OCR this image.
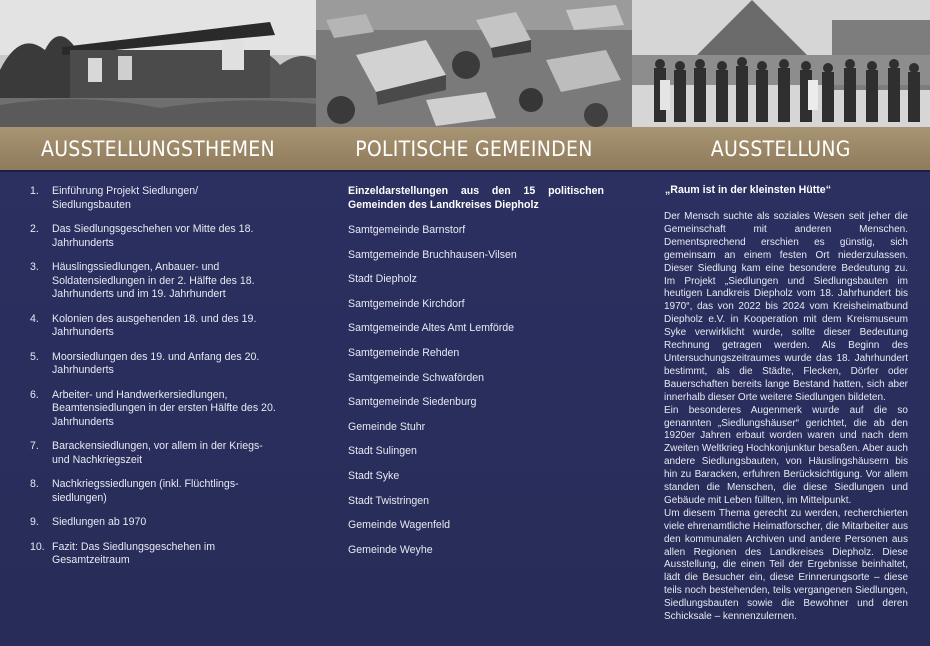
AUSSTELLUNGSTHEMEN
1.	Einführung Projekt Siedlungen/ Siedlungsbauten
2.	Das Siedlungsgeschehen vor Mitte des 18. Jahrhunderts
3.	Häuslingssiedlungen, Anbauer- und Soldatensiedlungen in der 2. Hälfte des 18. Jahrhunderts und im 19. Jahrhundert
4.	Kolonien des ausgehenden 18. und des 19. Jahrhunderts
5.	Moorsiedlungen des 19. und Anfang des 20. Jahrhunderts
6.	Arbeiter- und Handwerkersiedlungen, Beamtensiedlungen in der ersten Hälfte des 20. Jahrhunderts
7.	Barackensiedlungen, vor allem in der Kriegs- und Nachkriegszeit
8.	Nachkriegssiedlungen (inkl. Flüchtlings-siedlungen)
9.	Siedlungen ab 1970
10. Fazit: Das Siedlungsgeschehen im Gesamtzeitraum
POLITISCHE GEMEINDEN
Einzeldarstellungen aus den 15 politischen Gemeinden des Landkreises Diepholz
Samtgemeinde Barnstorf
Samtgemeinde Bruchhausen-Vilsen
Stadt Diepholz
Samtgemeinde Kirchdorf
Samtgemeinde Altes Amt Lemförde
Samtgemeinde Rehden
Samtgemeinde Schwaförden
Samtgemeinde Siedenburg
Gemeinde Stuhr
Stadt Sulingen
Stadt Syke
Stadt Twistringen
Gemeinde Wagenfeld
Gemeinde Weyhe
AUSSTELLUNG
„Raum ist in der kleinsten Hütte“

Der Mensch suchte als soziales Wesen seit jeher die Gemeinschaft mit anderen Menschen. Dementsprechend erschien es günstig, sich gemeinsam an einem festen Ort niederzulassen. Dieser Siedlung kam eine besondere Bedeutung zu. Im Projekt „Siedlungen und Siedlungsbauten im heutigen Landkreis Diepholz vom 18. Jahrhundert bis 1970“, das von 2022 bis 2024 vom Kreisheimatbund Diepholz e.V. in Kooperation mit dem Kreismuseum Syke verwirklicht wurde, sollte dieser Bedeutung Rechnung getragen werden. Als Beginn des Untersuchungszeitraumes wurde das 18. Jahrhundert bestimmt, als die Städte, Flecken, Dörfer oder Bauerschaften bereits lange Bestand hatten, sich aber innerhalb dieser Orte weitere Siedlungen bildeten.

Ein besonderes Augenmerk wurde auf die so genannten „Siedlungshäuser“ gerichtet, die ab den 1920er Jahren erbaut worden waren und nach dem Zweiten Weltkrieg Hochkonjunktur besaßen. Aber auch andere Siedlungsbauten, von Häuslingshäusern bis hin zu Baracken, erfuhren Berücksichtigung. Vor allem standen die Menschen, die diese Siedlungen und Gebäude mit Leben füllten, im Mittelpunkt.

Um diesem Thema gerecht zu werden, recherchierten viele ehrenamtliche Heimatforscher, die Mitarbeiter aus den kommunalen Archiven und andere Personen aus allen Regionen des Landkreises Diepholz. Diese Ausstellung, die einen Teil der Ergebnisse beinhaltet, lädt die Besucher ein, diese Erinnerungsorte – diese teils noch bestehenden, teils vergangenen Siedlungen, Siedlungsbauten sowie die Bewohner und deren Schicksale – kennenzulernen.
